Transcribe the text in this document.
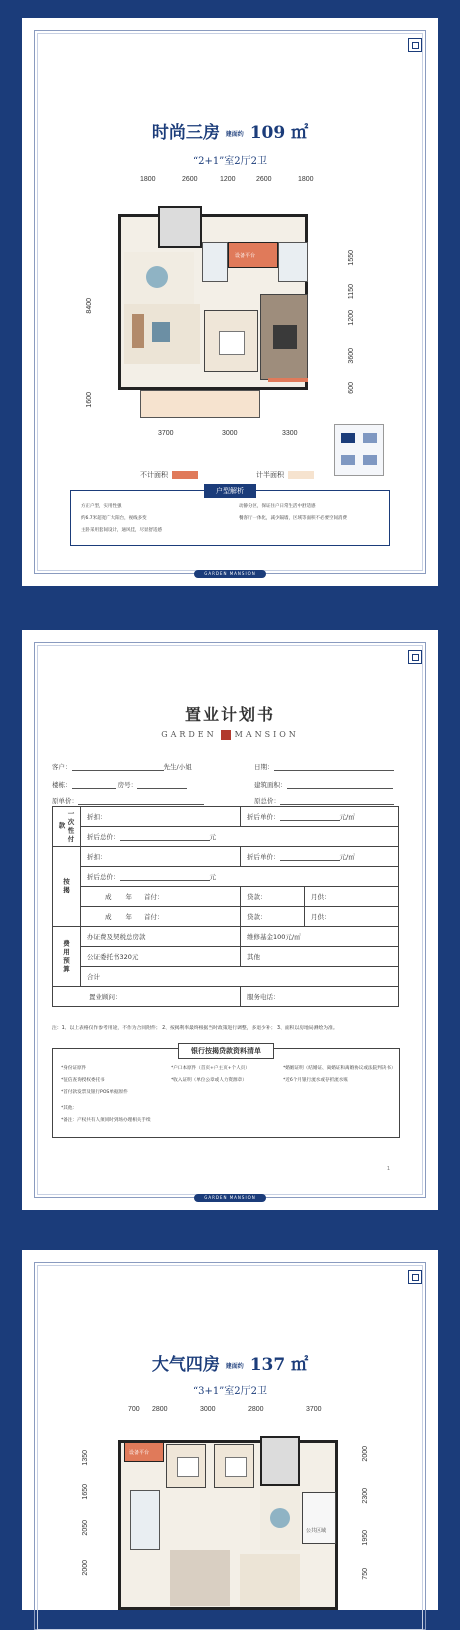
时尚三房 建面约 109 ㎡
“2+1”室2厅2卫
1800	2600	1200	2600	1800
8400
1600
1550
1150
1200
3600
600
设备平台
3700	3000	3300
不计面积	计半面积
户型解析
方正户型，实用性强
约6.7米超宽广大阳台，视线多变
主卧采用套间设计，通风佳，尽显舒适感
动静分区，保证住户日常生活中舒适感
餐客厅一体化，减少隔墙，区域等面积不必要空间消费
GARDEN MANSION
置业计划书
GARDEN MANSION
客户：	先生/小姐	日期：
楼栋：	房号：	建筑面积：
原单价：	原总价：
一次性付款	折扣：	折后单价： 元/㎡	
	折后总价： 元		
按揭	折扣：	折后单价： 元/㎡	
	折后总价： 元		
	成 年 首付：	贷款：	月供：
	成 年 首付：	贷款：	月供：
费用预算	办证费及契税总房款	维修基金100元/㎡	
	公证委托书320元	其他	
	合计		
置业顾问：		服务电话：	
注：1、以上表格仅作参考用途，不作为合同附件； 2、按揭利率最终根据当时政策进行调整，多退少补； 3、面积以房地局测绘为准。
银行按揭贷款资料清单
*身份证原件	*户口本原件（首页+户主页+个人页）	*婚姻证明（结婚证、离婚证和离婚协议或法院判决书）
*征信查询授权委托书	*收入证明（单位公章或人力资源章）	*近6个月银行流水或存折流水账
*首付款发票及银行POS单据原件
*其他：
*备注：产权共有人须同时到场办理相关手续
1
GARDEN MANSION
大气四房 建面约 137 ㎡
“3+1”室2厅2卫
700 2800	3000	2800	3700
1350
1650
2050
2000
2000
2300
1950
750
设备平台
公共区域
